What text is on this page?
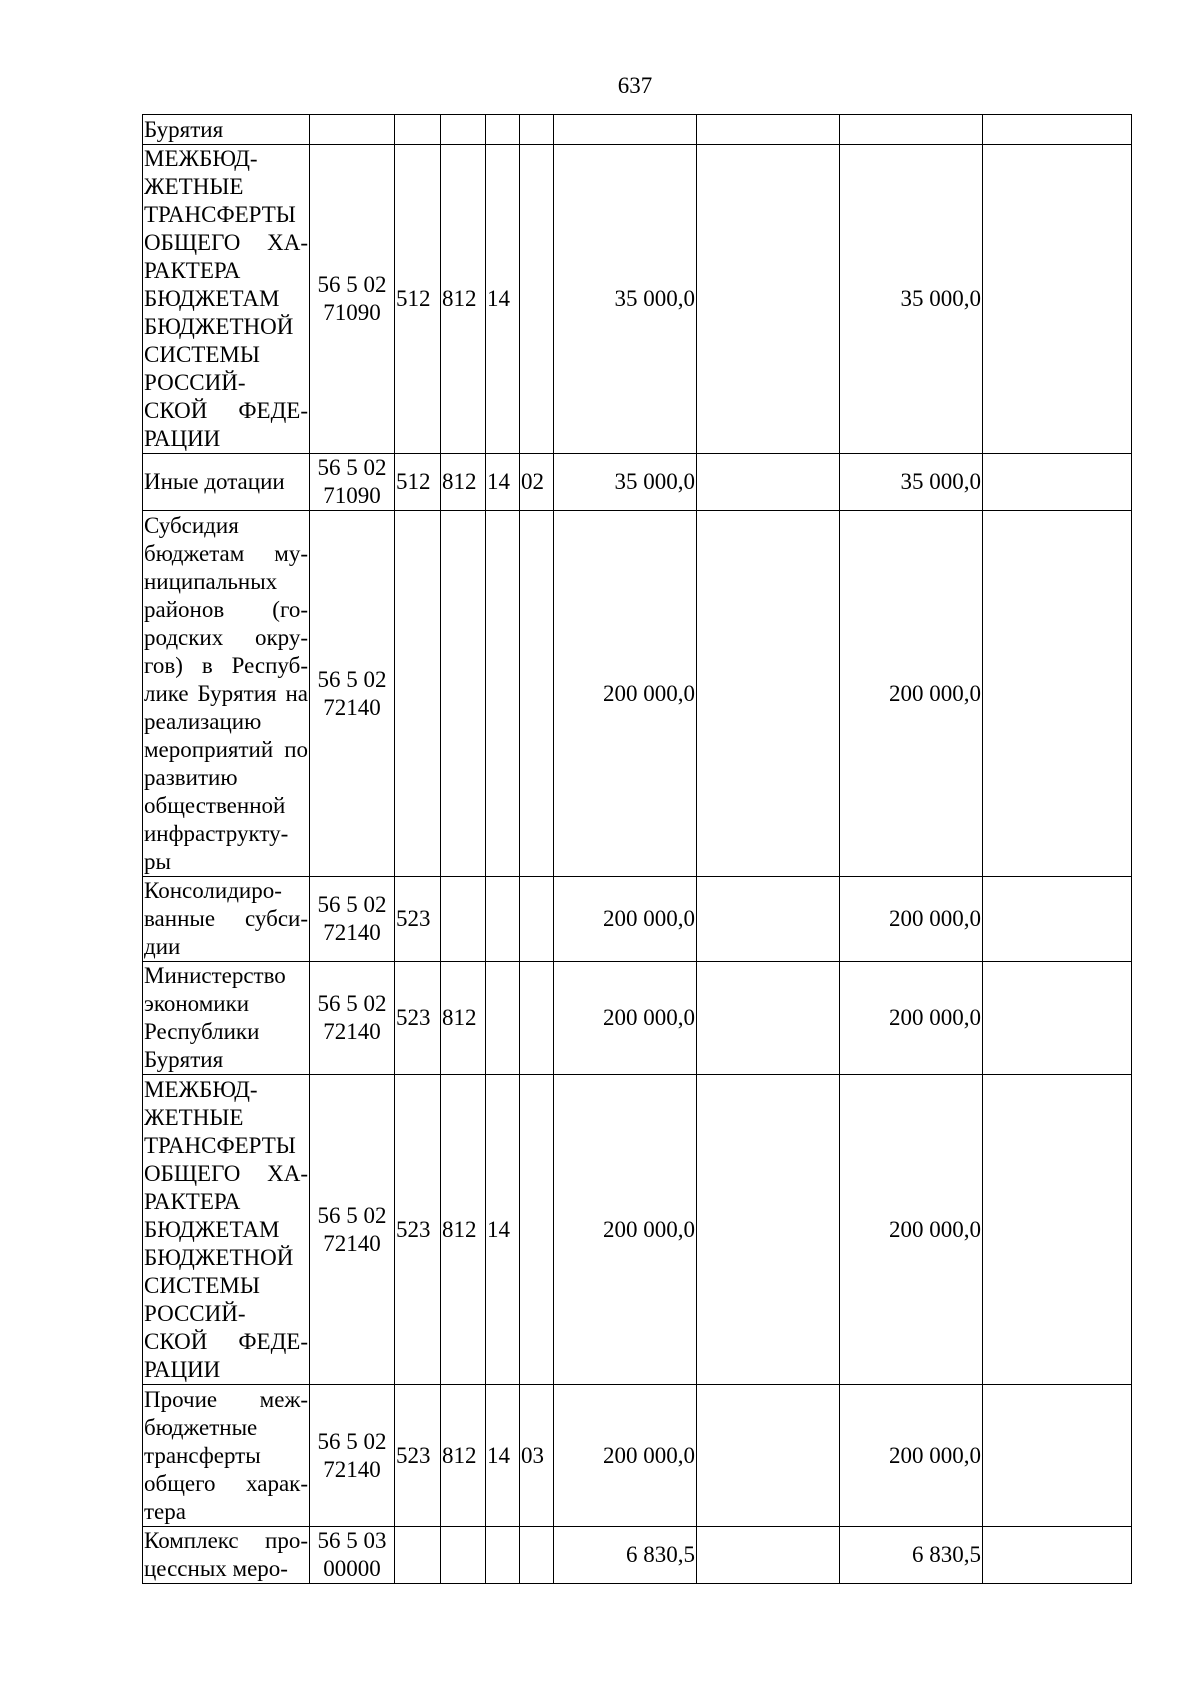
637
Бурятия									
МЕЖБЮД-ЖЕТНЫЕ ТРАНСФЕРТЫ ОБЩЕГО ХА-РАКТЕРА БЮДЖЕТАМ БЮДЖЕТНОЙ СИСТЕМЫ РОССИЙ-СКОЙ ФЕДЕ-РАЦИИ	56 5 02 71090	512	812	14		35 000,0		35 000,0	
Иные дотации	56 5 02 71090	512	812	14	02	35 000,0		35 000,0	
Субсидия бюджетам му-ниципальных районов (го-родских окру-гов) в Респуб-лике Бурятия на реализацию мероприятий по развитию общественной инфраструкту-ры	56 5 02 72140					200 000,0		200 000,0	
Консолидиро-ванные субси-дии	56 5 02 72140	523				200 000,0		200 000,0	
Министерство экономики Республики Бурятия	56 5 02 72140	523	812			200 000,0		200 000,0	
МЕЖБЮД-ЖЕТНЫЕ ТРАНСФЕРТЫ ОБЩЕГО ХА-РАКТЕРА БЮДЖЕТАМ БЮДЖЕТНОЙ СИСТЕМЫ РОССИЙ-СКОЙ ФЕДЕ-РАЦИИ	56 5 02 72140	523	812	14		200 000,0		200 000,0	
Прочие меж-бюджетные трансферты общего харак-тера	56 5 02 72140	523	812	14	03	200 000,0		200 000,0	
Комплекс про-цессных меро-	56 5 03 00000					6 830,5		6 830,5	
